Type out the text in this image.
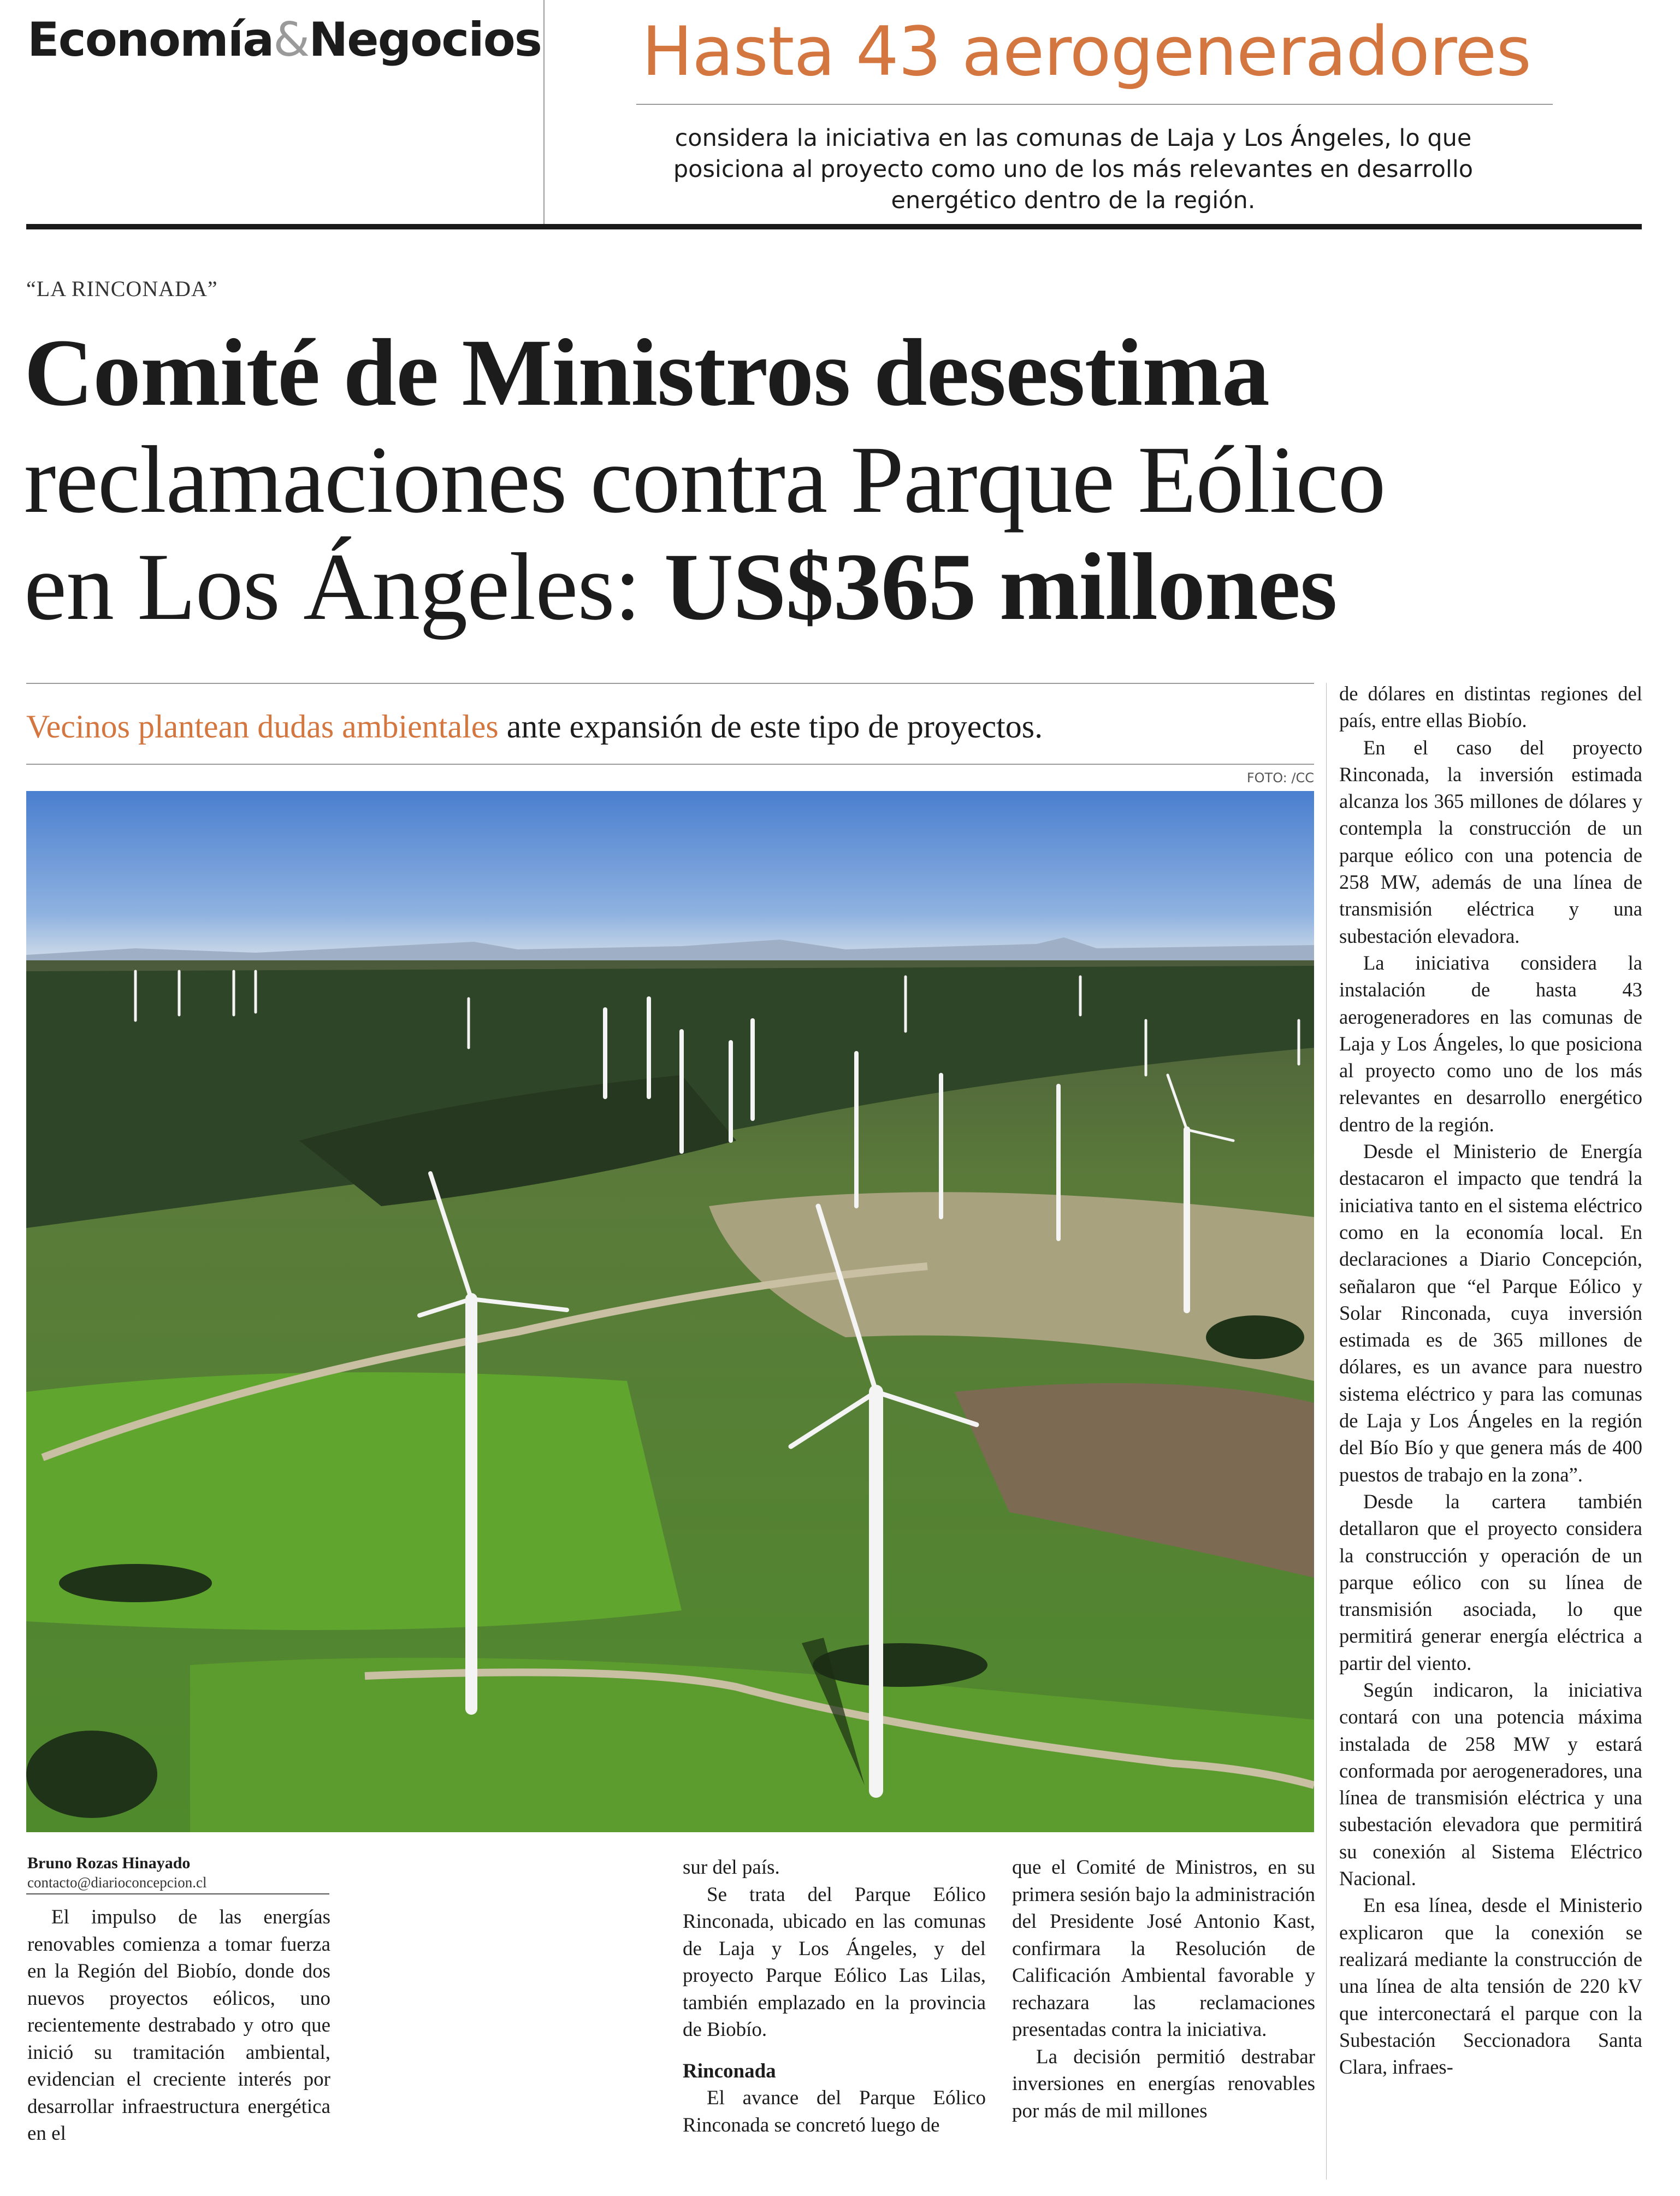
Economía&Negocios Hasta 43 aerogeneradores
considera la iniciativa en las comunas de Laja y Los Ángeles, lo que posiciona al proyecto como uno de los más relevantes en desarrollo energético dentro de la región.
“LA RINCONADA”
Comité de Ministros desestima
reclamaciones contra Parque Eólico
en Los Ángeles: US$365 millones
Vecinos plantean dudas ambientales ante expansión de este tipo de proyectos.
FOTO: /CC
Bruno Rozas Hinayado
contacto@diarioconcepcion.cl

El impulso de las energías renovables comienza a tomar fuerza en la Región del Biobío, donde dos nuevos proyectos eólicos, uno recientemente destrabado y otro que inició su tramitación ambiental, evidencian el creciente interés por desarrollar infraestructura energética en el

sur del país.

Se trata del Parque Eólico Rinconada, ubicado en las comunas de Laja y Los Ángeles, y del proyecto Parque Eólico Las Lilas, también emplazado en la provincia de Biobío.

Rinconada

El avance del Parque Eólico Rinconada se concretó luego de

que el Comité de Ministros, en su primera sesión bajo la administración del Presidente José Antonio Kast, confirmara la Resolución de Calificación Ambiental favorable y rechazara las reclamaciones presentadas contra la iniciativa.

La decisión permitió destrabar inversiones en energías renovables por más de mil millones

de dólares en distintas regiones del país, entre ellas Biobío.

En el caso del proyecto Rinconada, la inversión estimada alcanza los 365 millones de dólares y contempla la construcción de un parque eólico con una potencia de 258 MW, además de una línea de transmisión eléctrica y una subestación elevadora.

La iniciativa considera la instalación de hasta 43 aerogeneradores en las comunas de Laja y Los Ángeles, lo que posiciona al proyecto como uno de los más relevantes en desarrollo energético dentro de la región.

Desde el Ministerio de Energía destacaron el impacto que tendrá la iniciativa tanto en el sistema eléctrico como en la economía local. En declaraciones a Diario Concepción, señalaron que “el Parque Eólico y Solar Rinconada, cuya inversión estimada es de 365 millones de dólares, es un avance para nuestro sistema eléctrico y para las comunas de Laja y Los Ángeles en la región del Bío Bío y que genera más de 400 puestos de trabajo en la zona”.

Desde la cartera también detallaron que el proyecto considera la construcción y operación de un parque eólico con su línea de transmisión asociada, lo que permitirá generar energía eléctrica a partir del viento.

Según indicaron, la iniciativa contará con una potencia máxima instalada de 258 MW y estará conformada por aerogeneradores, una línea de transmisión eléctrica y una subestación elevadora que permitirá su conexión al Sistema Eléctrico Nacional.

En esa línea, desde el Ministerio explicaron que la conexión se realizará mediante la construcción de una línea de alta tensión de 220 kV que interconectará el parque con la Subestación Seccionadora Santa Clara, infraes-
